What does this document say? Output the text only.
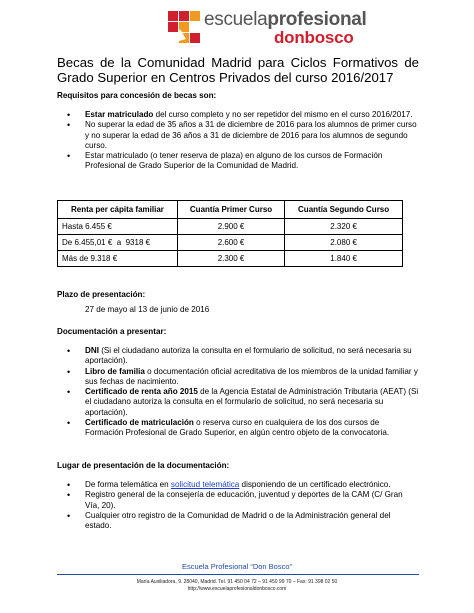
escuelaprofesional
donbosco
Becas de la Comunidad Madrid para Ciclos Formativos de Grado Superior en Centros Privados del curso 2016/2017
Requisitos para concesión de becas son:
• Estar matriculado del curso completo y no ser repetidor del mismo en el curso 2016/2017.
• No superar la edad de 35 años a 31 de diciembre de 2016 para los alumnos de primer curso y no superar la edad de 36 años a 31 de diciembre de 2016 para los alumnos de segundo curso.
• Estar matriculado (o tener reserva de plaza) en alguno de los cursos de Formación Profesional de Grado Superior de la Comunidad de Madrid.
Renta per cápita familiar	Cuantía Primer Curso	Cuantía Segundo Curso
Hasta 6.455 €	2.900 €	2.320 €
De 6.455,01 €  a  9318 €	2.600 €	2.080 €
Más de 9.318 €	2.300 €	1.840 €
Plazo de presentación:
27 de mayo al 13 de junio de 2016
Documentación a presentar:
• DNI (Si el ciudadano autoriza la consulta en el formulario de solicitud, no será necesaria su aportación).
• Libro de familia o documentación oficial acreditativa de los miembros de la unidad familiar y sus fechas de nacimiento.
• Certificado de renta año 2015 de la Agencia Estatal de Administración Tributaria (AEAT) (Si el ciudadano autoriza la consulta en el formulario de solicitud, no será necesaria su aportación).
• Certificado de matriculación o reserva curso en cualquiera de los dos cursos de Formación Profesional de Grado Superior, en algún centro objeto de la convocatoria.
Lugar de presentación de la documentación:
• De forma telemática en solicitud telemática disponiendo de un certificado electrónico.
• Registro general de la consejería de educación, juventud y deportes de la CAM (C/ Gran Vía, 20).
• Cualquier otro registro de la Comunidad de Madrid o de la Administración general del estado.
Escuela Profesional “Don Bosco”
María Auxiliadora, 9. 28040, Madrid. Tel. 91 450 04 72 – 91 450 99 70 – Fax: 91 398 02 50
http://www.escuelaprofesionaldonbosco.com
